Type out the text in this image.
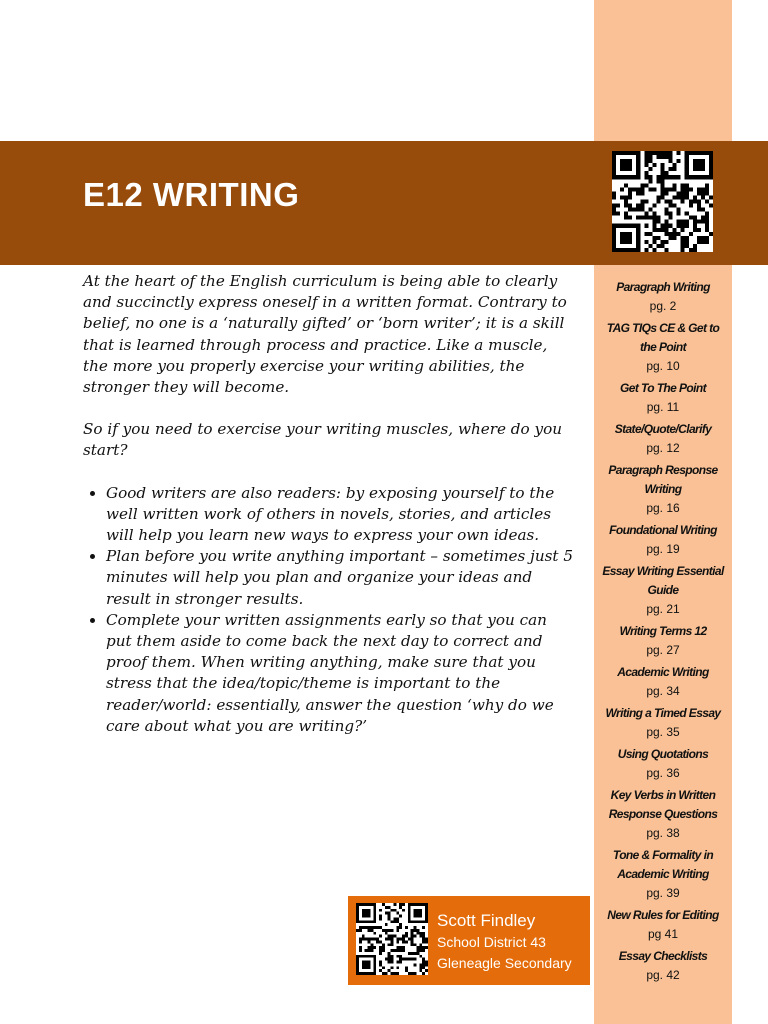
E12 WRITING

At the heart of the English curriculum is being able to clearly and succinctly express oneself in a written format. Contrary to belief, no one is a ‘naturally gifted’ or ‘born writer’; it is a skill that is learned through process and practice. Like a muscle, the more you properly exercise your writing abilities, the stronger they will become.

So if you need to exercise your writing muscles, where do you start?

• Good writers are also readers: by exposing yourself to the well written work of others in novels, stories, and articles will help you learn new ways to express your own ideas.
• Plan before you write anything important – sometimes just 5 minutes will help you plan and organize your ideas and result in stronger results.
• Complete your written assignments early so that you can put them aside to come back the next day to correct and proof them. When writing anything, make sure that you stress that the idea/topic/theme is important to the reader/world: essentially, answer the question ‘why do we care about what you are writing?’
Paragraph Writing
pg. 2
TAG TIQs CE & Get to the Point
pg. 10
Get To The Point
pg. 11
State/Quote/Clarify
pg. 12
Paragraph Response Writing
pg. 16
Foundational Writing
pg. 19
Essay Writing Essential Guide
pg. 21
Writing Terms 12
pg. 27
Academic Writing
pg. 34
Writing a Timed Essay
pg. 35
Using Quotations
pg. 36
Key Verbs in Written Response Questions
pg. 38
Tone & Formality in Academic Writing
pg. 39
New Rules for Editing
pg 41
Essay Checklists
pg. 42
Scott Findley
School District 43
Gleneagle Secondary
